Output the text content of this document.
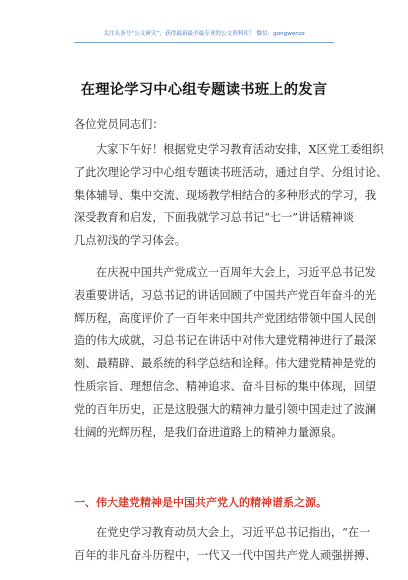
关注头条号“公文研究”，获得最新最全最专业的公文资料库！ 微信：gongwenzz
在理论学习中心组专题读书班上的发言
各位党员同志们：
大家下午好！根据党史学习教育活动安排，X区党工委组织
了此次理论学习中心组专题读书班活动，通过自学、分组讨论、
集体辅导、集中交流、现场教学相结合的多种形式的学习，我
深受教育和启发，下面我就学习总书记“七一”讲话精神谈
几点初浅的学习体会。
在庆祝中国共产党成立一百周年大会上，习近平总书记发
表重要讲话，习总书记的讲话回顾了中国共产党百年奋斗的光
辉历程，高度评价了一百年来中国共产党团结带领中国人民创
造的伟大成就，习总书记在讲话中对伟大建党精神进行了最深
刻、最精辟、最系统的科学总结和诠释。伟大建党精神是党的
性质宗旨、理想信念、精神追求、奋斗目标的集中体现，回望
党的百年历史，正是这股强大的精神力量引领中国走过了波澜
壮阔的光辉历程，是我们奋进道路上的精神力量源泉。
一、伟大建党精神是中国共产党人的精神谱系之源。
在党史学习教育动员大会上，习近平总书记指出，“在一
百年的非凡奋斗历程中，一代又一代中国共产党人顽强拼搏、
